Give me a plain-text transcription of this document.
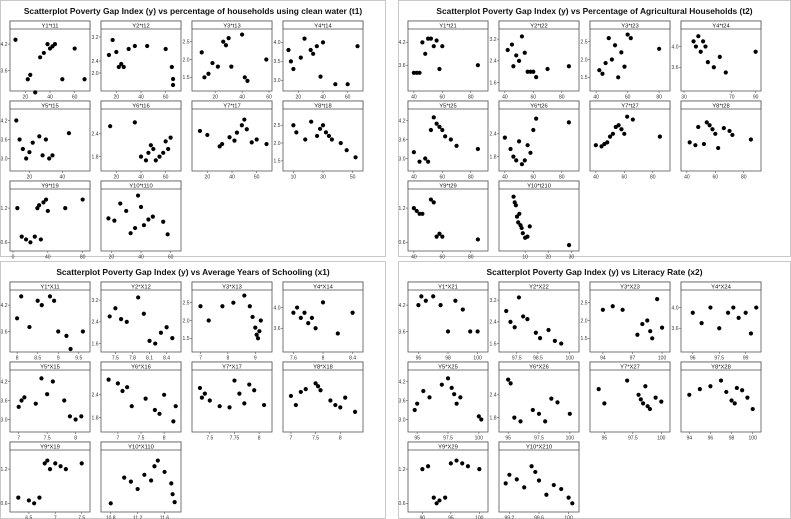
Scatterplot Poverty Gap Index (y) vs percentage of households using clean water (t1)
Y1*t11
20	40	60
3.6
4.2
Y2*t12
20	40	60
2.0
2.4
3.2
Y3*t13
20	40	60
1.5
2.0
2.5
Y4*t14
20	40	60
3.0
3.5
4.0
Y5*t15
20	40
3.0
3.6
4.2
Y6*t16
20	40	60
1.8
2.4
Y7*t17
20	40	60
Y8*t18
10	30	50
1.5
2.0
2.5
Y9*t19
0	40	80
0.6
1.2
Y10*t110
20	40	60
Scatterplot Poverty Gap Index (y) vs Percentage of Agricultural Households (t2)
Y1*t21
40	60	80
3.6
4.2
Y2*t22
40	60	80
1.6
2.4
3.2
Y3*t23
40	60	80
1.5
2.0
2.5
Y4*t24
30	70	90
3.6
4.0
Y5*t25
40	60	80
3.0
3.6
4.2
Y6*t26
40	60	80
1.8
2.4
Y7*t27
40	60	80
Y8*t28
40	60	80
Y9*t29
40	60	80
0.6
1.2
Y10*t210
10	20	30
Scatterplot Poverty Gap Index (y) vs Average Years of Schooling (x1)
Y1*X11
8	8.5	9	9.5
3.6
4.2
Y2*X12
7.5 7.8 8.1 8.4
1.6
2.4
3.2
Y3*X13
7	8	9
1.5
2.0
2.5
Y4*X14
7.6	8	8.4
3.6
4.0
Y5*X15
7	7.5	8
3.0
3.6
4.2
Y6*X16
7	7.5	8
1.8
2.4
Y7*X17
7.5	7.75	8
Y8*X18
7	7.5	8
Y9*X19
6.5	7	7.5
0.6
1.2
Y10*X110
10.8	11.2	11.6
Scatterplot Poverty Gap Index (y) vs Literacy Rate (x2)
Y1*X21
96	98	100
3.6
4.2
Y2*X22
97.5 98.5	100
1.6
2.4
3.2
Y3*X23
94	97	100
1.5
2.0
2.5
Y4*X24
96	97.5	99
3.6
4.0
Y5*X25
95	97.5	100
3.0
3.6
4.2
Y6*X26
95	97.5	100
1.8
2.4
Y7*X27
95	97.5	100
Y8*X28
94	96	98	100
Y9*X29
90	95	100
0.6
1.2
Y10*X210
99.2	99.6	100
